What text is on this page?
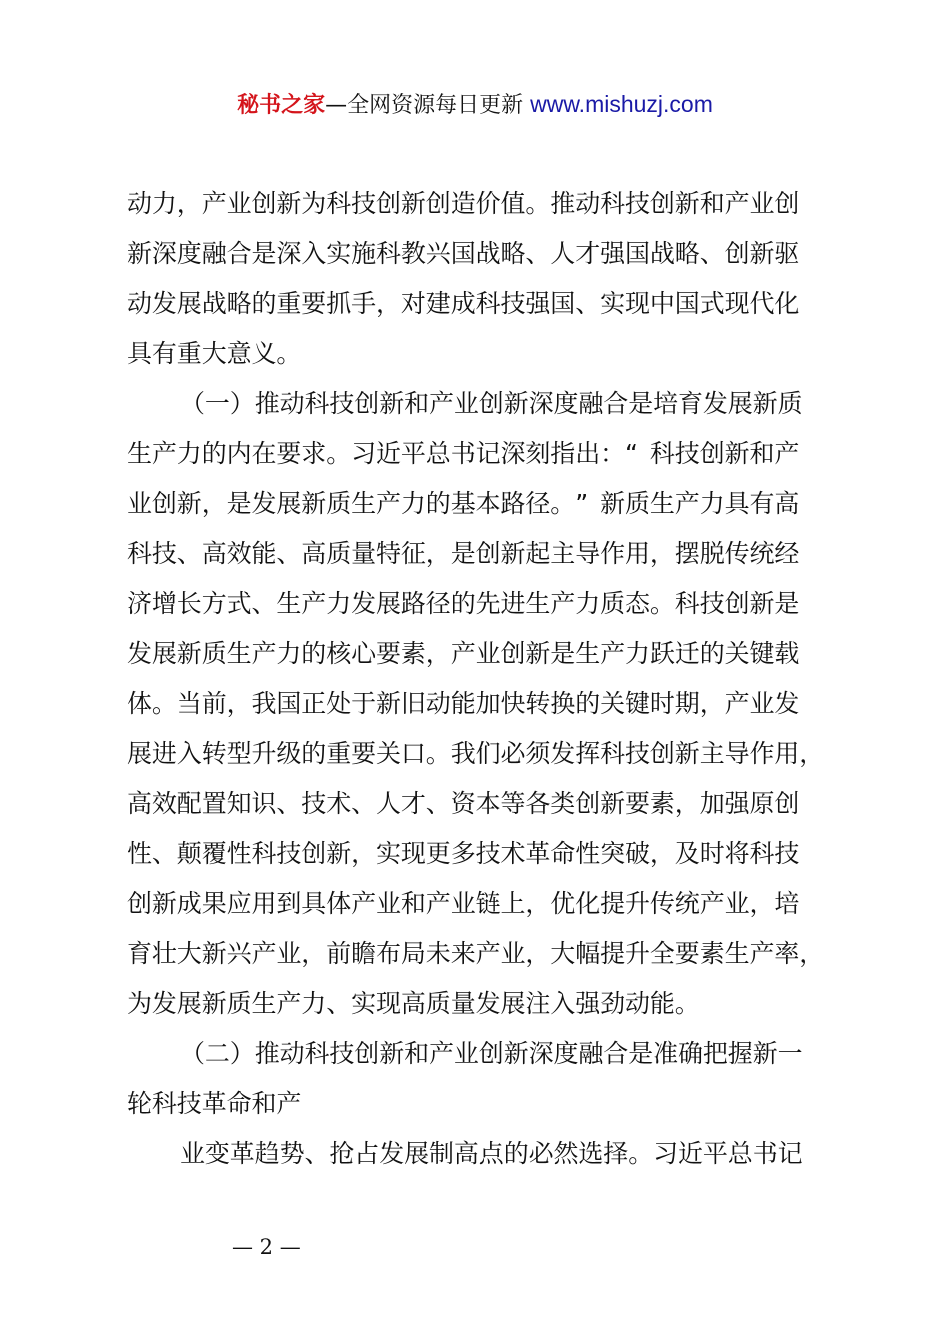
秘书之家—全网资源每日更新 www.mishuzj.com
动 力 ， 产 业 创 新 为 科 技 创 新 创 造 价 值 。 推 动 科 技 创 新 和 产 业 创
新 深 度 融 合 是 深 入 实 施 科 教 兴 国 战 略 、 人 才 强 国 战 略 、 创 新 驱
动 发 展 战 略 的 重 要 抓 手 ， 对 建 成 科 技 强 国 、 实 现 中 国 式 现 代 化
具 有 重 大 意 义 。
（ 一 ） 推 动 科 技 创 新 和 产 业 创 新 深 度 融 合 是 培 育 发 展 新 质
生 产 力 的 内 在 要 求 。 习 近 平 总 书 记 深 刻 指 出 ： “ 科 技 创 新 和 产
业 创 新 ， 是 发 展 新 质 生 产 力 的 基 本 路 径 。 ” 新 质 生 产 力 具 有 高
科 技 、 高 效 能 、 高 质 量 特 征 ， 是 创 新 起 主 导 作 用 ， 摆 脱 传 统 经
济 增 长 方 式 、 生 产 力 发 展 路 径 的 先 进 生 产 力 质 态 。 科 技 创 新 是
发 展 新 质 生 产 力 的 核 心 要 素 ， 产 业 创 新 是 生 产 力 跃 迁 的 关 键 载
体 。 当 前 ， 我 国 正 处 于 新 旧 动 能 加 快 转 换 的 关 键 时 期 ， 产 业 发
展 进 入 转 型 升 级 的 重 要 关 口 。 我 们 必 须 发 挥 科 技 创 新 主 导 作 用 ，
高 效 配 置 知 识 、 技 术 、 人 才 、 资 本 等 各 类 创 新 要 素 ， 加 强 原 创
性 、 颠 覆 性 科 技 创 新 ， 实 现 更 多 技 术 革 命 性 突 破 ， 及 时 将 科 技
创 新 成 果 应 用 到 具 体 产 业 和 产 业 链 上 ， 优 化 提 升 传 统 产 业 ， 培
育 壮 大 新 兴 产 业 ， 前 瞻 布 局 未 来 产 业 ， 大 幅 提 升 全 要 素 生 产 率 ，
为 发 展 新 质 生 产 力 、 实 现 高 质 量 发 展 注 入 强 劲 动 能 。
（ 二 ） 推 动 科 技 创 新 和 产 业 创 新 深 度 融 合 是 准 确 把 握 新 一
轮 科 技 革 命 和 产
业 变 革 趋 势 、 抢 占 发 展 制 高 点 的 必 然 选 择 。 习 近 平 总 书 记
— 2 —
